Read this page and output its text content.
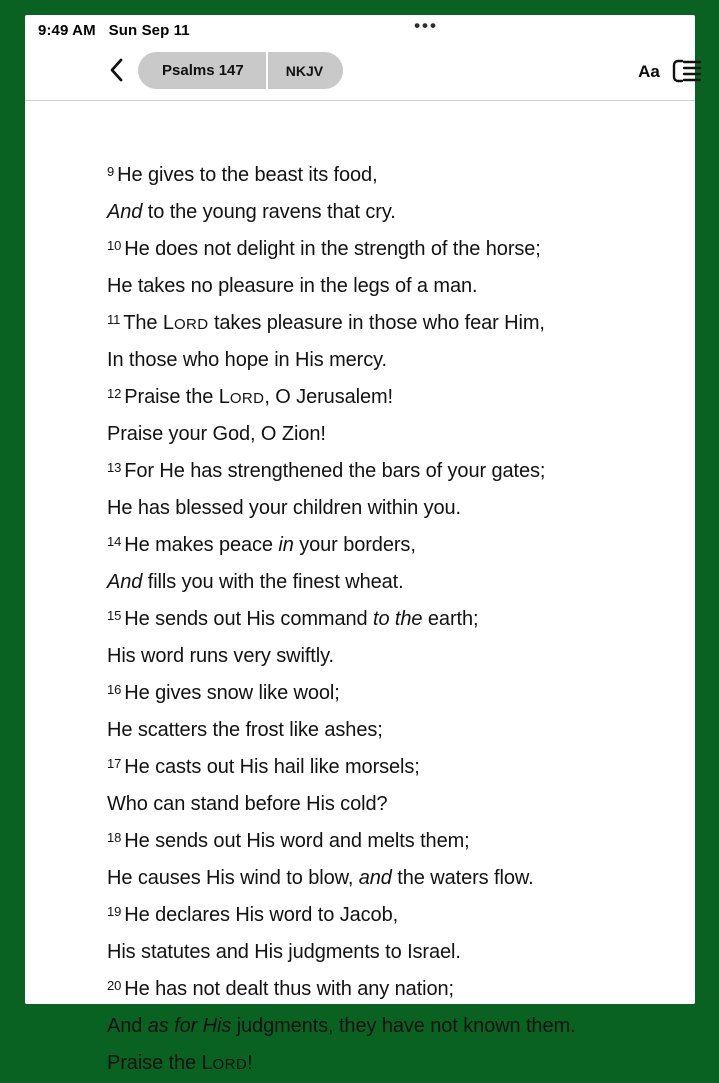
9:49 AM Sun Sep 11	•••
Psalms 147	NKJV	Aa
$^9$ He gives to the beast its food,
And to the young ravens that cry.
$^{10}$ He does not delight in the strength of the horse;
He takes no pleasure in the legs of a man.
$^{11}$ The LORD takes pleasure in those who fear Him,
In those who hope in His mercy.
$^{12}$ Praise the LORD, O Jerusalem!
Praise your God, O Zion!
$^{13}$ For He has strengthened the bars of your gates;
He has blessed your children within you.
$^{14}$ He makes peace in your borders,
And fills you with the finest wheat.
$^{15}$ He sends out His command to the earth;
His word runs very swiftly.
$^{16}$ He gives snow like wool;
He scatters the frost like ashes;
$^{17}$ He casts out His hail like morsels;
Who can stand before His cold?
$^{18}$ He sends out His word and melts them;
He causes His wind to blow, and the waters flow.
$^{19}$ He declares His word to Jacob,
His statutes and His judgments to Israel.
$^{20}$ He has not dealt thus with any nation;
And as for His judgments, they have not known them.
Praise the LORD!
